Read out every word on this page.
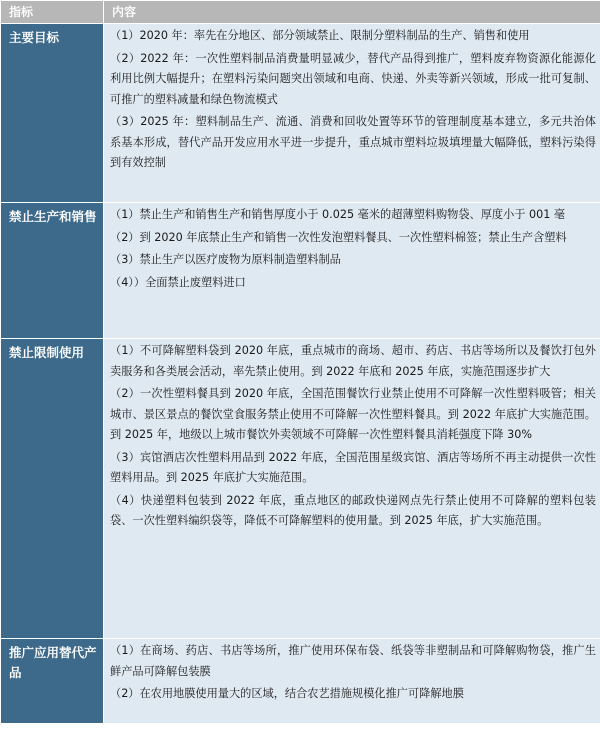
指标	内容
主要目标	（1）2020 年：率先在分地区、部分领域禁止、限制分塑料制品的生产、销售和使用

（2）2022 年：一次性塑料制品消费量明显减少，替代产品得到推广，塑料废弃物资源化能源化利用比例大幅提升；在塑料污染问题突出领域和电商、快递、外卖等新兴领域，形成一批可复制、可推广的塑料减量和绿色物流模式

（3）2025 年：塑料制品生产、流通、消费和回收处置等环节的管理制度基本建立，多元共治体系基本形成，替代产品开发应用水平进一步提升，重点城市塑料垃圾填埋量大幅降低，塑料污染得到有效控制

禁止生产和销售	（1）禁止生产和销售生产和销售厚度小于 0.025 毫米的超薄塑料购物袋、厚度小于 001 毫

（2）到 2020 年底禁止生产和销售一次性发泡塑料餐具、一次性塑料棉签；禁止生产含塑料

（3）禁止生产以医疗废物为原料制造塑料制品

（4））全面禁止废塑料进口

禁止限制使用	（1）不可降解塑料袋到 2020 年底，重点城市的商场、超市、药店、书店等场所以及餐饮打包外卖服务和各类展会活动，率先禁止使用。到 2022 年底和 2025 年底，实施范围逐步扩大

（2）一次性塑料餐具到 2020 年底，全国范围餐饮行业禁止使用不可降解一次性塑料吸管；相关城市、景区景点的餐饮堂食服务禁止使用不可降解一次性塑料餐具。到 2022 年底扩大实施范围。到 2025 年，地级以上城市餐饮外卖领域不可降解一次性塑料餐具消耗强度下降 30%

（3）宾馆酒店次性塑料用品到 2022 年底，全国范围星级宾馆、酒店等场所不再主动提供一次性塑料用品。到 2025 年底扩大实施范围。

（4）快递塑料包装到 2022 年底，重点地区的邮政快递网点先行禁止使用不可降解的塑料包装袋、一次性塑料编织袋等，降低不可降解塑料的使用量。到 2025 年底，扩大实施范围。

推广应用替代产品	（1）在商场、药店、书店等场所，推广使用环保布袋、纸袋等非塑制品和可降解购物袋，推广生鲜产品可降解包装膜

（2）在农用地膜使用量大的区域，结合农艺措施规模化推广可降解地膜
